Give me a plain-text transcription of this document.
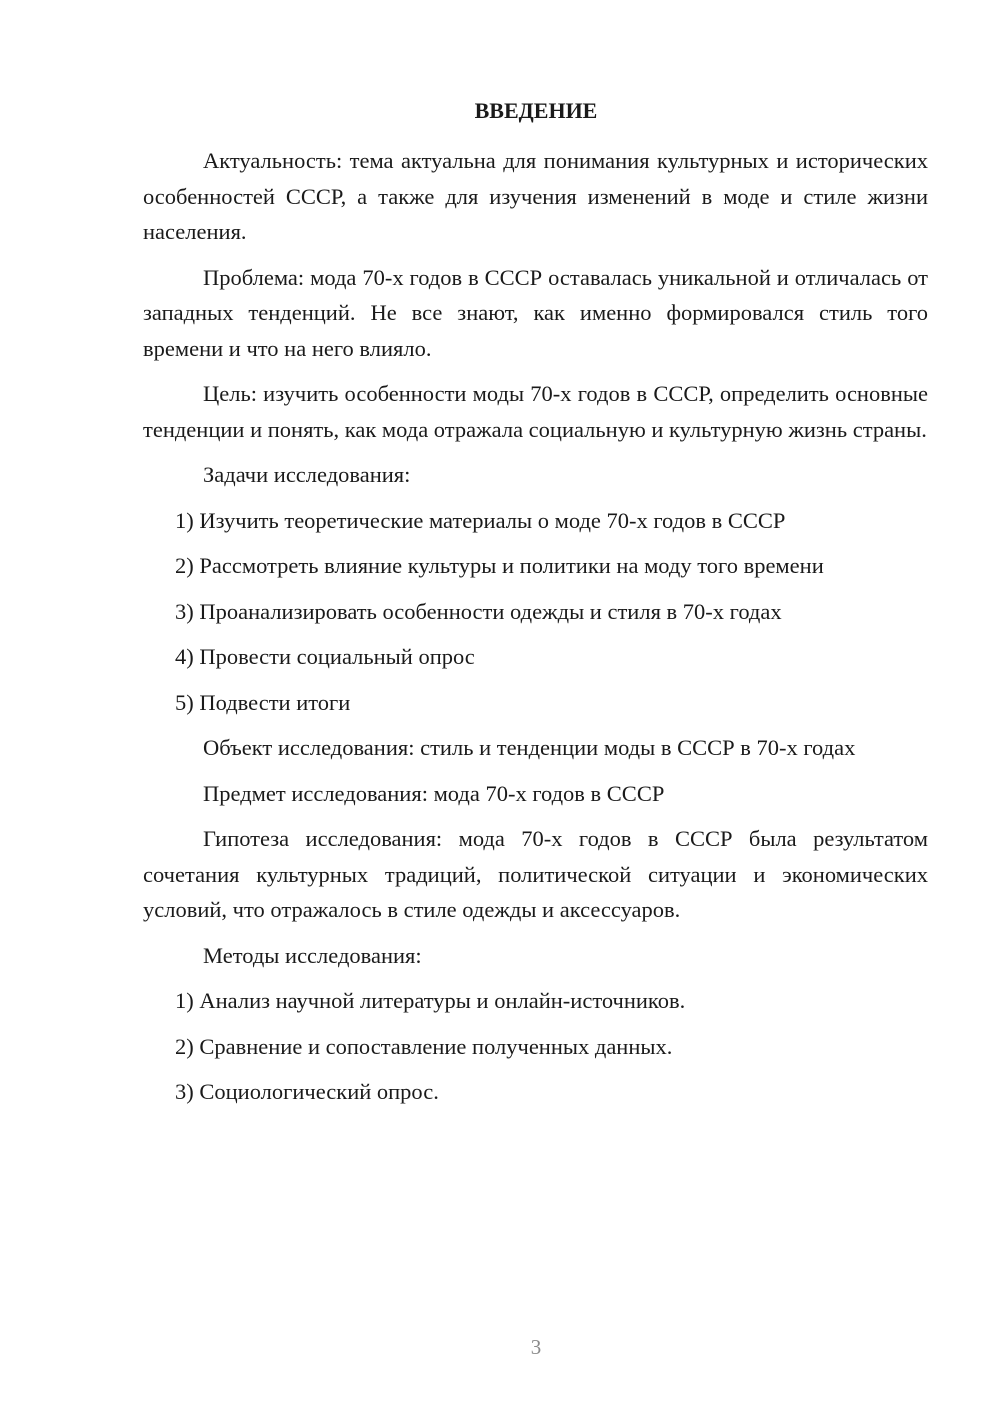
ВВЕДЕНИЕ

Актуальность: тема актуальна для понимания культурных и исторических особенностей СССР, а также для изучения изменений в моде и стиле жизни населения.

Проблема: мода 70-х годов в СССР оставалась уникальной и отличалась от западных тенденций. Не все знают, как именно формировался стиль того времени и что на него влияло.

Цель: изучить особенности моды 70-х годов в СССР, определить основные тенденции и понять, как мода отражала социальную и культурную жизнь страны.

Задачи исследования:

1) Изучить теоретические материалы о моде 70-х годов в СССР
2) Рассмотреть влияние культуры и политики на моду того времени
3) Проанализировать особенности одежды и стиля в 70-х годах
4) Провести социальный опрос
5) Подвести итоги

Объект исследования: стиль и тенденции моды в СССР в 70-х годах

Предмет исследования: мода 70-х годов в СССР

Гипотеза исследования: мода 70-х годов в СССР была результатом сочетания культурных традиций, политической ситуации и экономических условий, что отражалось в стиле одежды и аксессуаров.

Методы исследования:

1) Анализ научной литературы и онлайн-источников.
2) Сравнение и сопоставление полученных данных.
3) Социологический опрос.
3
